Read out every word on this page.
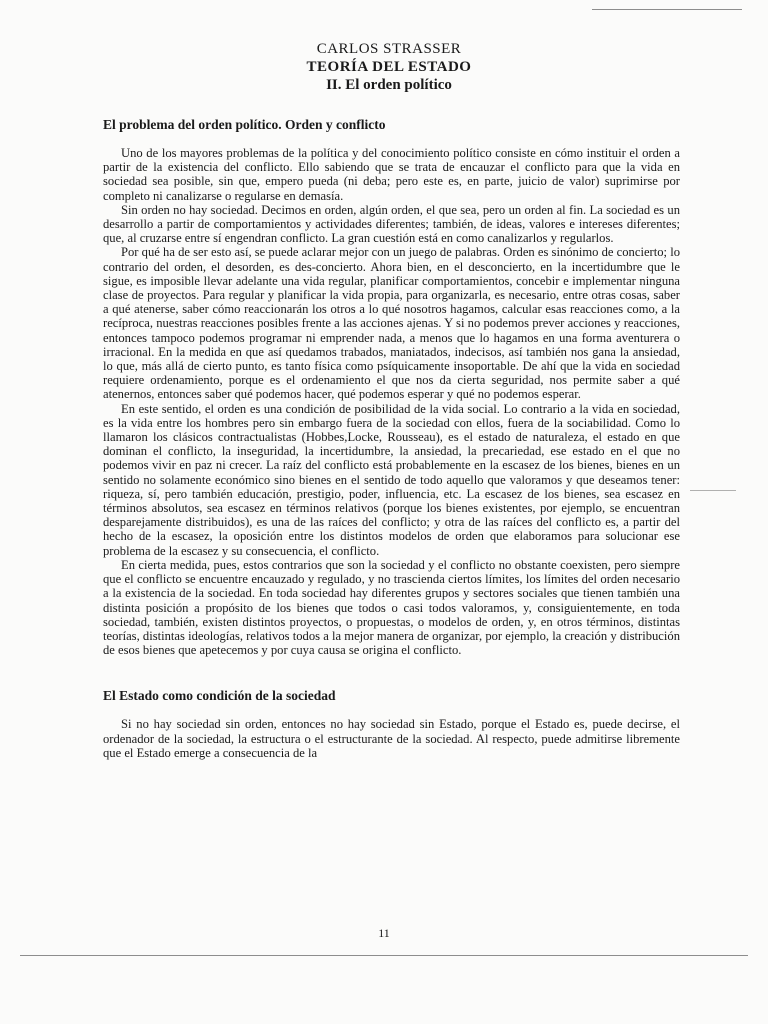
CARLOS STRASSER
TEORÍA DEL ESTADO
II. El orden político
El problema del orden político. Orden y conflicto

Uno de los mayores problemas de la política y del conocimiento político consiste en cómo instituir el orden a partir de la existencia del conflicto. Ello sabiendo que se trata de encauzar el conflicto para que la vida en sociedad sea posible, sin que, empero pueda (ni deba; pero este es, en parte, juicio de valor) suprimirse por completo ni canalizarse o regularse en demasía.

Sin orden no hay sociedad. Decimos en orden, algún orden, el que sea, pero un orden al fin. La sociedad es un desarrollo a partir de comportamientos y actividades diferentes; también, de ideas, valores e intereses diferentes; que, al cruzarse entre sí engendran conflicto. La gran cuestión está en como canalizarlos y regularlos.

Por qué ha de ser esto así, se puede aclarar mejor con un juego de palabras. Orden es sinónimo de concierto; lo contrario del orden, el desorden, es des-concierto. Ahora bien, en el desconcierto, en la incertidumbre que le sigue, es imposible llevar adelante una vida regular, planificar comportamientos, concebir e implementar ninguna clase de proyectos. Para regular y planificar la vida propia, para organizarla, es necesario, entre otras cosas, saber a qué atenerse, saber cómo reaccionarán los otros a lo qué nosotros hagamos, calcular esas reacciones como, a la recíproca, nuestras reacciones posibles frente a las acciones ajenas. Y si no podemos prever acciones y reacciones, entonces tampoco podemos programar ni emprender nada, a menos que lo hagamos en una forma aventurera o irracional. En la medida en que así quedamos trabados, maniatados, indecisos, así también nos gana la ansiedad, lo que, más allá de cierto punto, es tanto física como psíquicamente insoportable. De ahí que la vida en sociedad requiere ordenamiento, porque es el ordenamiento el que nos da cierta seguridad, nos permite saber a qué atenernos, entonces saber qué podemos hacer, qué podemos esperar y qué no podemos esperar.

En este sentido, el orden es una condición de posibilidad de la vida social. Lo contrario a la vida en sociedad, es la vida entre los hombres pero sin embargo fuera de la sociedad con ellos, fuera de la sociabilidad. Como lo llamaron los clásicos contractualistas (Hobbes,Locke, Rousseau), es el estado de naturaleza, el estado en que dominan el conflicto, la inseguridad, la incertidumbre, la ansiedad, la precariedad, ese estado en el que no podemos vivir en paz ni crecer. La raíz del conflicto está probablemente en la escasez de los bienes, bienes en un sentido no solamente económico sino bienes en el sentido de todo aquello que valoramos y que deseamos tener: riqueza, sí, pero también educación, prestigio, poder, influencia, etc. La escasez de los bienes, sea escasez en términos absolutos, sea escasez en términos relativos (porque los bienes existentes, por ejemplo, se encuentran desparejamente distribuidos), es una de las raíces del conflicto; y otra de las raíces del conflicto es, a partir del hecho de la escasez, la oposición entre los distintos modelos de orden que elaboramos para solucionar ese problema de la escasez y su consecuencia, el conflicto.

En cierta medida, pues, estos contrarios que son la sociedad y el conflicto no obstante coexisten, pero siempre que el conflicto se encuentre encauzado y regulado, y no trascienda ciertos límites, los límites del orden necesario a la existencia de la sociedad. En toda sociedad hay diferentes grupos y sectores sociales que tienen también una distinta posición a propósito de los bienes que todos o casi todos valoramos, y, consiguientemente, en toda sociedad, también, existen distintos proyectos, o propuestas, o modelos de orden, y, en otros términos, distintas teorías, distintas ideologías, relativos todos a la mejor manera de organizar, por ejemplo, la creación y distribución de esos bienes que apetecemos y por cuya causa se origina el conflicto.

El Estado como condición de la sociedad

Si no hay sociedad sin orden, entonces no hay sociedad sin Estado, porque el Estado es, puede decirse, el ordenador de la sociedad, la estructura o el estructurante de la sociedad. Al respecto, puede admitirse libremente que el Estado emerge a consecuencia de la

11
